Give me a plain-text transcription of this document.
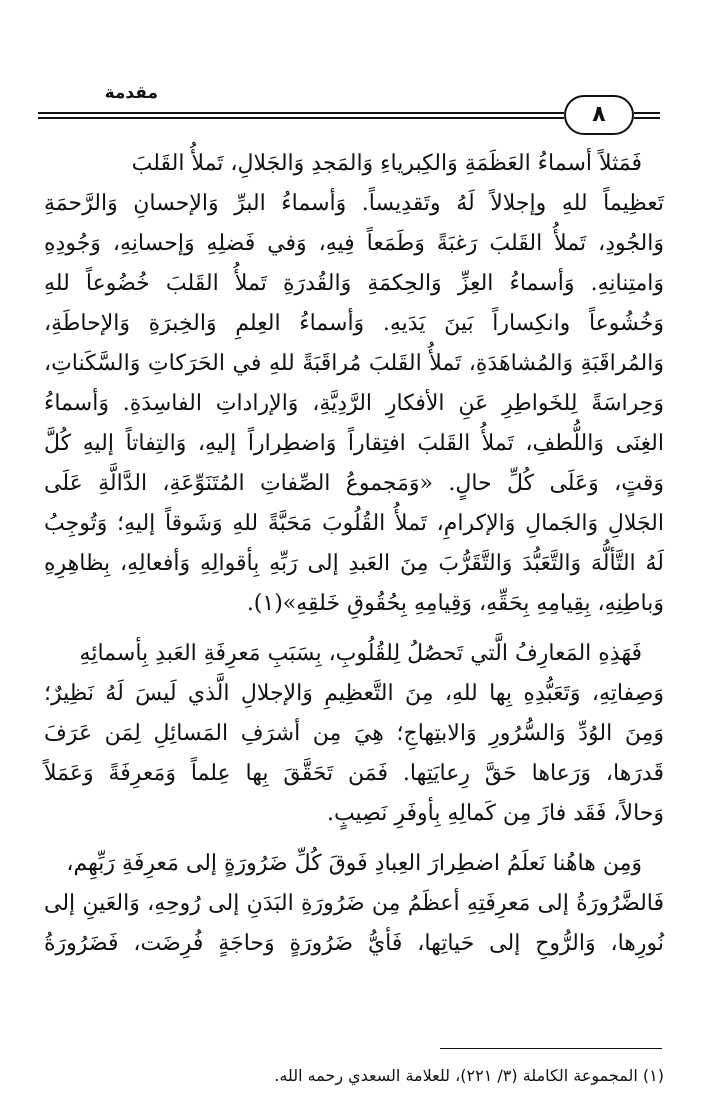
مقدمة
٨
فَمَثلاً أسماءُ العَظَمَةِ وَالكِبرياءِ وَالمَجدِ وَالجَلالِ، تَملأُ القَلبَ
تَعظِيماً للهِ وإجلالاً لَهُ وتَقدِيساً. وَأسماءُ البرِّ وَالإحسانِ وَالرَّحمَةِ
وَالجُودِ، تَملأُ القَلبَ رَغبَةً وَطَمَعاً فِيهِ، وَفي فَضلِهِ وَإحسانِهِ، وَجُودِهِ
وَامتِنانِهِ. وَأسماءُ العِزِّ وَالحِكمَةِ وَالقُدرَةِ تَملأُ القَلبَ خُضُوعاً للهِ
وَخُشُوعاً وانكِساراً بَينَ يَدَيهِ. وَأسماءُ العِلمِ وَالخِبرَةِ وَالإحاطَةِ،
وَالمُراقَبَةِ وَالمُشاهَدَةِ، تَملأُ القَلبَ مُراقَبَةً للهِ في الحَرَكاتِ وَالسَّكَناتِ،
وَحِراسَةً لِلخَواطِرِ عَنِ الأفكارِ الرَّدِيَّةِ، وَالإراداتِ الفاسِدَةِ. وَأسماءُ
الغِنَى وَاللُّطفِ، تَملأُ القَلبَ افتِقاراً وَاضطِراراً إليهِ، وَالتِفاتاً إليهِ كُلَّ
وَقتٍ، وَعَلَى كُلِّ حالٍ. «وَمَجموعُ الصِّفاتِ المُتَنَوِّعَةِ، الدَّالَّةِ عَلَى
الجَلالِ وَالجَمالِ وَالإكرامِ، تَملأُ القُلُوبَ مَحَبَّةً للهِ وَشَوقاً إليهِ؛ وَتُوجِبُ
لَهُ التَّألُّهَ وَالتَّعَبُّدَ وَالتَّقَرُّبَ مِنَ العَبدِ إلى رَبِّهِ بِأقوالِهِ وَأفعالِهِ، بِظاهِرِهِ
وَباطِنِهِ، بِقِيامِهِ بِحَقِّهِ، وَقِيامِهِ بِحُقُوقِ خَلقِهِ»(١).
فَهَذِهِ المَعارِفُ الَّتي تَحصُلُ لِلقُلُوبِ، بِسَبَبِ مَعرِفَةِ العَبدِ بِأسمائِهِ
وَصِفاتِهِ، وَتَعَبُّدِهِ بِها للهِ، مِنَ التَّعظِيمِ وَالإجلالِ الَّذي لَيسَ لَهُ نَظِيرٌ؛
وَمِنَ الوُدِّ وَالسُّرُورِ وَالابتِهاجِ؛ هِيَ مِن أشرَفِ المَسائِلِ لِمَن عَرَفَ
قَدرَها، وَرَعاها حَقَّ رِعايَتِها. فَمَن تَحَقَّقَ بِها عِلماً وَمَعرِفَةً وَعَمَلاً
وَحالاً، فَقَد فازَ مِن كَمالِهِ بِأوفَرِ نَصِيبٍ.
وَمِن هاهُنا نَعلَمُ اضطِرارَ العِبادِ فَوقَ كُلِّ ضَرُورَةٍ إلى مَعرِفَةِ رَبِّهِم،
فَالضَّرُورَةُ إلى مَعرِفَتِهِ أعظَمُ مِن ضَرُورَةِ البَدَنِ إلى رُوحِهِ، وَالعَينِ إلى
نُورِها، وَالرُّوحِ إلى حَياتِها، فَأيُّ ضَرُورَةٍ وَحاجَةٍ فُرِضَت، فَضَرُورَةُ
(١) المجموعة الكاملة (٣/ ٢٢١)، للعلامة السعدي رحمه الله.
